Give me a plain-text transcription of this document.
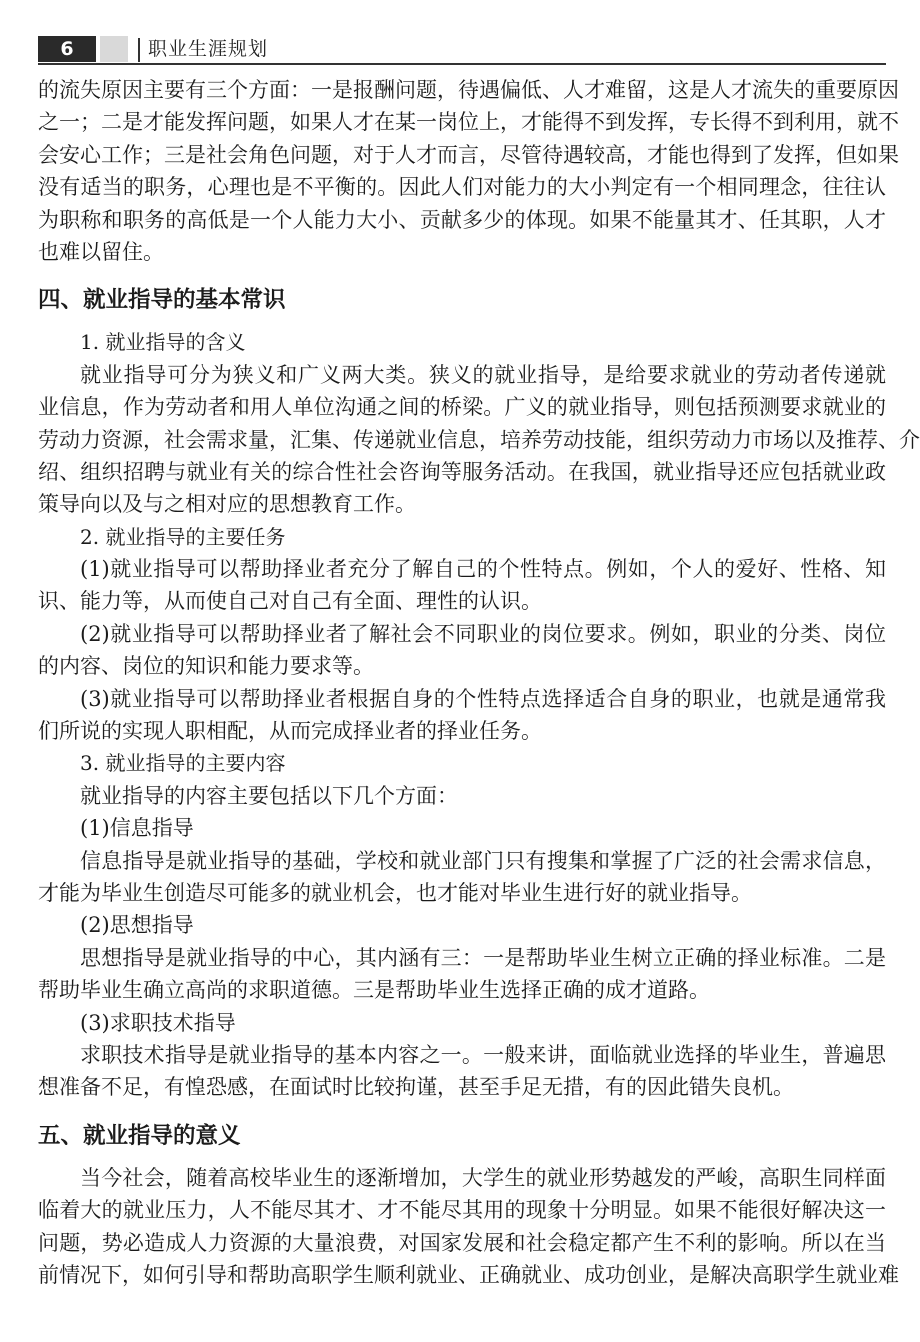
6	职业生涯规划
的流失原因主要有三个方面：一是报酬问题，待遇偏低、人才难留，这是人才流失的重要原因
之一；二是才能发挥问题，如果人才在某一岗位上，才能得不到发挥，专长得不到利用，就不
会安心工作；三是社会角色问题，对于人才而言，尽管待遇较高，才能也得到了发挥，但如果
没有适当的职务，心理也是不平衡的。因此人们对能力的大小判定有一个相同理念，往往认
为职称和职务的高低是一个人能力大小、贡献多少的体现。如果不能量其才、任其职，人才
也难以留住。
四、就业指导的基本常识
1. 就业指导的含义
就业指导可分为狭义和广义两大类。狭义的就业指导，是给要求就业的劳动者传递就
业信息，作为劳动者和用人单位沟通之间的桥梁。广义的就业指导，则包括预测要求就业的
劳动力资源，社会需求量，汇集、传递就业信息，培养劳动技能，组织劳动力市场以及推荐、介
绍、组织招聘与就业有关的综合性社会咨询等服务活动。在我国，就业指导还应包括就业政
策导向以及与之相对应的思想教育工作。
2. 就业指导的主要任务
(1)就业指导可以帮助择业者充分了解自己的个性特点。例如，个人的爱好、性格、知
识、能力等，从而使自己对自己有全面、理性的认识。
(2)就业指导可以帮助择业者了解社会不同职业的岗位要求。例如，职业的分类、岗位
的内容、岗位的知识和能力要求等。
(3)就业指导可以帮助择业者根据自身的个性特点选择适合自身的职业，也就是通常我
们所说的实现人职相配，从而完成择业者的择业任务。
3. 就业指导的主要内容
就业指导的内容主要包括以下几个方面：
(1)信息指导
信息指导是就业指导的基础，学校和就业部门只有搜集和掌握了广泛的社会需求信息，
才能为毕业生创造尽可能多的就业机会，也才能对毕业生进行好的就业指导。
(2)思想指导
思想指导是就业指导的中心，其内涵有三：一是帮助毕业生树立正确的择业标准。二是
帮助毕业生确立高尚的求职道德。三是帮助毕业生选择正确的成才道路。
(3)求职技术指导
求职技术指导是就业指导的基本内容之一。一般来讲，面临就业选择的毕业生，普遍思
想准备不足，有惶恐感，在面试时比较拘谨，甚至手足无措，有的因此错失良机。
五、就业指导的意义
当今社会，随着高校毕业生的逐渐增加，大学生的就业形势越发的严峻，高职生同样面
临着大的就业压力，人不能尽其才、才不能尽其用的现象十分明显。如果不能很好解决这一
问题，势必造成人力资源的大量浪费，对国家发展和社会稳定都产生不利的影响。所以在当
前情况下，如何引导和帮助高职学生顺利就业、正确就业、成功创业，是解决高职学生就业难
